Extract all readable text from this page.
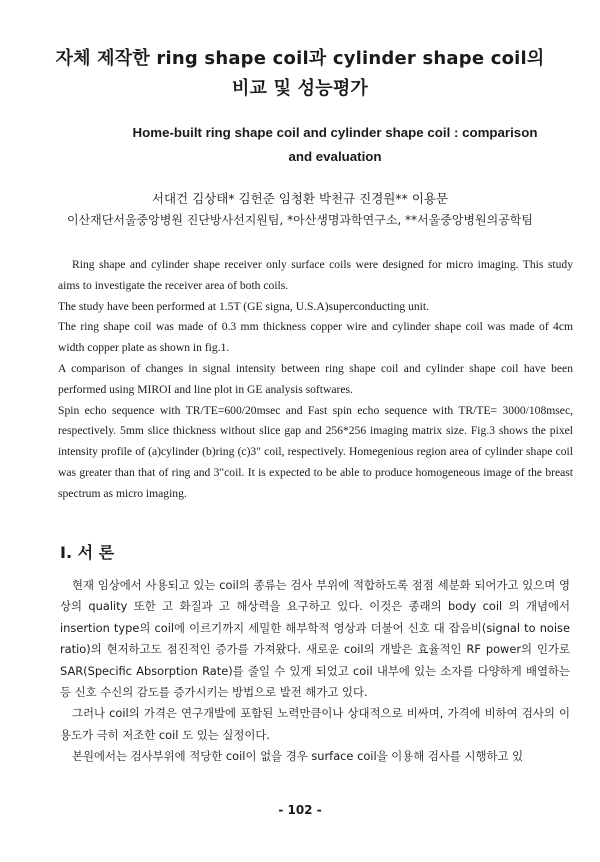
자체 제작한 ring shape coil과 cylinder shape coil의
비교 및 성능평가
Home-built ring shape coil and cylinder shape coil : comparison
and evaluation
서대건 김상태* 김헌준 임청환 박천규 진경원** 이용문
이산재단서울중앙병원 진단방사선지원팀, *아산생명과학연구소, **서울중앙병원의공학팀

Ring shape and cylinder shape receiver only surface coils were designed for micro imaging. This study aims to investigate the receiver area of both coils.

The study have been performed at 1.5T (GE signa, U.S.A)superconducting unit.

The ring shape coil was made of 0.3 mm thickness copper wire and cylinder shape coil was made of 4cm width copper plate as shown in fig.1.

A comparison of changes in signal intensity between ring shape coil and cylinder shape coil have been performed using MIROI and line plot in GE analysis softwares.

Spin echo sequence with TR/TE=600/20msec and Fast spin echo sequence with TR/TE= 3000/108msec, respectively. 5mm slice thickness without slice gap and 256*256 imaging matrix size. Fig.3 shows the pixel intensity profile of (a)cylinder (b)ring (c)3" coil, respectively. Homegenious region area of cylinder shape coil was greater than that of ring and 3"coil. It is expected to be able to produce homogeneous image of the breast spectrum as micro imaging.

I. 서 론

현재 임상에서 사용되고 있는 coil의 종류는 검사 부위에 적합하도록 점점 세분화 되어가고 있으며 영상의 quality 또한 고 화질과 고 해상력을 요구하고 있다. 이것은 종래의 body coil 의 개념에서 insertion type의 coil에 이르기까지 세밀한 해부학적 영상과 더불어 신호 대 잡음비(signal to noise ratio)의 현저하고도 점진적인 증가를 가져왔다. 새로운 coil의 개발은 효율적인 RF power의 인가로 SAR(Specific Absorption Rate)를 줄일 수 있게 되었고 coil 내부에 있는 소자를 다양하게 배열하는 등 신호 수신의 감도를 증가시키는 방법으로 발전 해가고 있다.

그러나 coil의 가격은 연구개발에 포함된 노력만큼이나 상대적으로 비싸며, 가격에 비하여 검사의 이용도가 극히 저조한 coil 도 있는 실정이다.

본원에서는 검사부위에 적당한 coil이 없을 경우 surface coil을 이용해 검사를 시행하고 있

- 102 -
